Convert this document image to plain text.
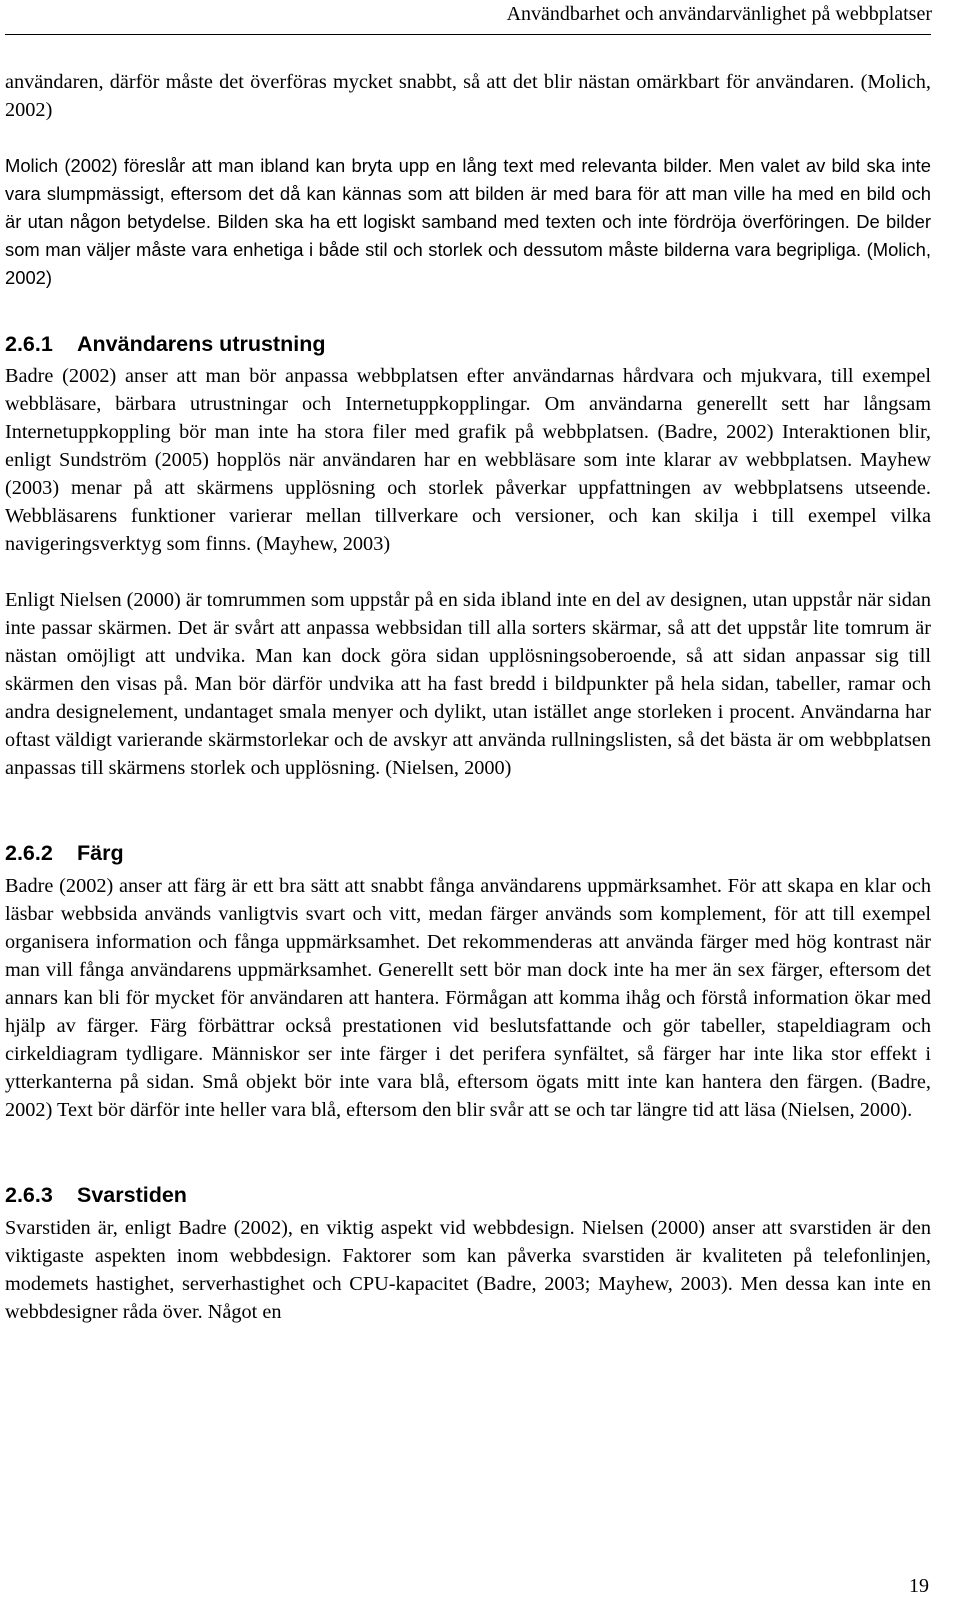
Användbarhet och användarvänlighet på webbplatser

användaren, därför måste det överföras mycket snabbt, så att det blir nästan omärkbart för användaren. (Molich, 2002)

Molich (2002) föreslår att man ibland kan bryta upp en lång text med relevanta bilder. Men valet av bild ska inte vara slumpmässigt, eftersom det då kan kännas som att bilden är med bara för att man ville ha med en bild och är utan någon betydelse. Bilden ska ha ett logiskt samband med texten och inte fördröja överföringen. De bilder som man väljer måste vara enhetiga i både stil och storlek och dessutom måste bilderna vara begripliga. (Molich, 2002)

2.6.1 Användarens utrustning

Badre (2002) anser att man bör anpassa webbplatsen efter användarnas hårdvara och mjukvara, till exempel webbläsare, bärbara utrustningar och Internetuppkopplingar. Om användarna generellt sett har långsam Internetuppkoppling bör man inte ha stora filer med grafik på webbplatsen. (Badre, 2002) Interaktionen blir, enligt Sundström (2005) hopplös när användaren har en webbläsare som inte klarar av webbplatsen. Mayhew (2003) menar på att skärmens upplösning och storlek påverkar uppfattningen av webbplatsens utseende. Webbläsarens funktioner varierar mellan tillverkare och versioner, och kan skilja i till exempel vilka navigeringsverktyg som finns. (Mayhew, 2003)

Enligt Nielsen (2000) är tomrummen som uppstår på en sida ibland inte en del av designen, utan uppstår när sidan inte passar skärmen. Det är svårt att anpassa webbsidan till alla sorters skärmar, så att det uppstår lite tomrum är nästan omöjligt att undvika. Man kan dock göra sidan upplösningsoberoende, så att sidan anpassar sig till skärmen den visas på. Man bör därför undvika att ha fast bredd i bildpunkter på hela sidan, tabeller, ramar och andra designelement, undantaget smala menyer och dylikt, utan istället ange storleken i procent. Användarna har oftast väldigt varierande skärmstorlekar och de avskyr att använda rullningslisten, så det bästa är om webbplatsen anpassas till skärmens storlek och upplösning. (Nielsen, 2000)

2.6.2 Färg

Badre (2002) anser att färg är ett bra sätt att snabbt fånga användarens uppmärksamhet. För att skapa en klar och läsbar webbsida används vanligtvis svart och vitt, medan färger används som komplement, för att till exempel organisera information och fånga uppmärksamhet. Det rekommenderas att använda färger med hög kontrast när man vill fånga användarens uppmärksamhet. Generellt sett bör man dock inte ha mer än sex färger, eftersom det annars kan bli för mycket för användaren att hantera. Förmågan att komma ihåg och förstå information ökar med hjälp av färger. Färg förbättrar också prestationen vid beslutsfattande och gör tabeller, stapeldiagram och cirkeldiagram tydligare. Människor ser inte färger i det perifera synfältet, så färger har inte lika stor effekt i ytterkanterna på sidan. Små objekt bör inte vara blå, eftersom ögats mitt inte kan hantera den färgen. (Badre, 2002) Text bör därför inte heller vara blå, eftersom den blir svår att se och tar längre tid att läsa (Nielsen, 2000).

2.6.3 Svarstiden

Svarstiden är, enligt Badre (2002), en viktig aspekt vid webbdesign. Nielsen (2000) anser att svarstiden är den viktigaste aspekten inom webbdesign. Faktorer som kan påverka svarstiden är kvaliteten på telefonlinjen, modemets hastighet, serverhastighet och CPU-kapacitet (Badre, 2003; Mayhew, 2003). Men dessa kan inte en webbdesigner råda över. Något en

19
